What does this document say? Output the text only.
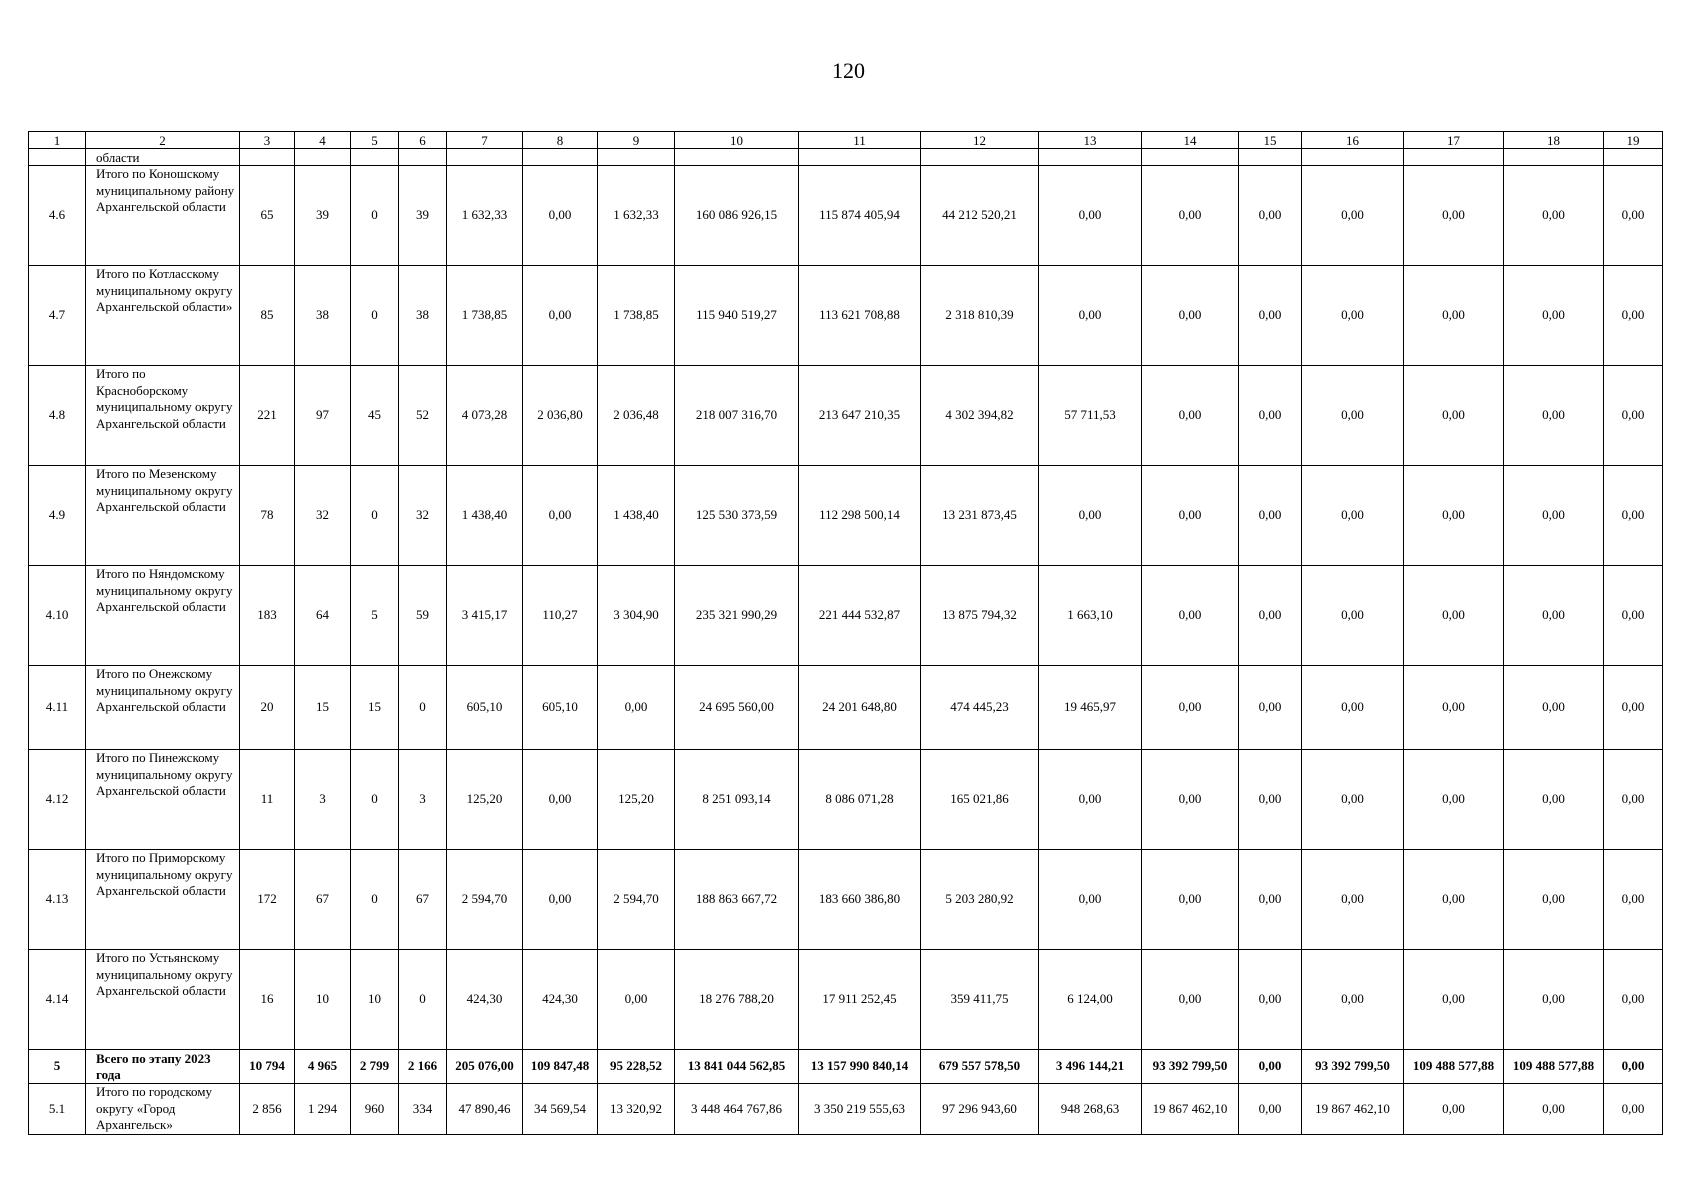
120
1	2	3	4	5	6	7	8	9	10	11	12	13	14	15	16	17	18	19
	области																	
4.6	Итого по Коношскому муниципальному району Архангельской области	65	39	0	39	1 632,33	0,00	1 632,33	160 086 926,15	115 874 405,94	44 212 520,21	0,00	0,00	0,00	0,00	0,00	0,00	0,00
4.7	Итого по Котласскому муниципальному округу Архангельской области»	85	38	0	38	1 738,85	0,00	1 738,85	115 940 519,27	113 621 708,88	2 318 810,39	0,00	0,00	0,00	0,00	0,00	0,00	0,00
4.8	Итого по Красноборскому муниципальному округу Архангельской области	221	97	45	52	4 073,28	2 036,80	2 036,48	218 007 316,70	213 647 210,35	4 302 394,82	57 711,53	0,00	0,00	0,00	0,00	0,00	0,00
4.9	Итого по Мезенскому муниципальному округу Архангельской области	78	32	0	32	1 438,40	0,00	1 438,40	125 530 373,59	112 298 500,14	13 231 873,45	0,00	0,00	0,00	0,00	0,00	0,00	0,00
4.10	Итого по Няндомскому муниципальному округу Архангельской области	183	64	5	59	3 415,17	110,27	3 304,90	235 321 990,29	221 444 532,87	13 875 794,32	1 663,10	0,00	0,00	0,00	0,00	0,00	0,00
4.11	Итого по Онежскому муниципальному округу Архангельской области	20	15	15	0	605,10	605,10	0,00	24 695 560,00	24 201 648,80	474 445,23	19 465,97	0,00	0,00	0,00	0,00	0,00	0,00
4.12	Итого по Пинежскому муниципальному округу Архангельской области	11	3	0	3	125,20	0,00	125,20	8 251 093,14	8 086 071,28	165 021,86	0,00	0,00	0,00	0,00	0,00	0,00	0,00
4.13	Итого по Приморскому муниципальному округу Архангельской области	172	67	0	67	2 594,70	0,00	2 594,70	188 863 667,72	183 660 386,80	5 203 280,92	0,00	0,00	0,00	0,00	0,00	0,00	0,00
4.14	Итого по Устьянскому муниципальному округу Архангельской области	16	10	10	0	424,30	424,30	0,00	18 276 788,20	17 911 252,45	359 411,75	6 124,00	0,00	0,00	0,00	0,00	0,00	0,00
5	Всего по этапу 2023 года	10 794	4 965	2 799	2 166	205 076,00	109 847,48	95 228,52	13 841 044 562,85	13 157 990 840,14	679 557 578,50	3 496 144,21	93 392 799,50	0,00	93 392 799,50	109 488 577,88	109 488 577,88	0,00
5.1	Итого по городскому округу «Город Архангельск»	2 856	1 294	960	334	47 890,46	34 569,54	13 320,92	3 448 464 767,86	3 350 219 555,63	97 296 943,60	948 268,63	19 867 462,10	0,00	19 867 462,10	0,00	0,00	0,00
